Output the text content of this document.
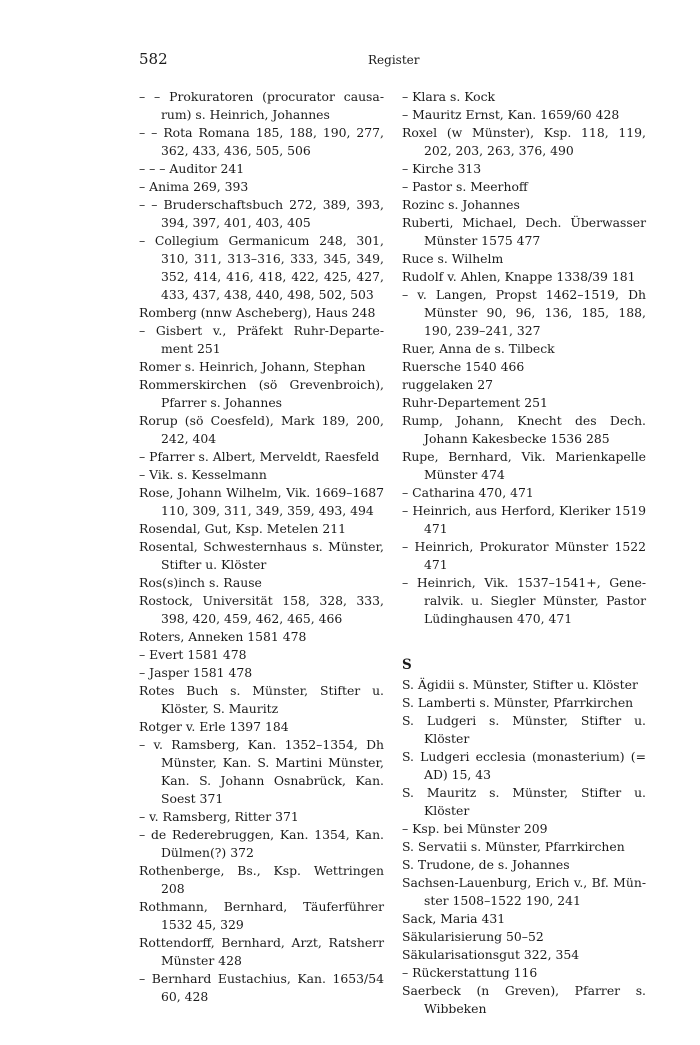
582	Register
– – Prokuratoren (procurator causarum) s. Heinrich, Johannes
– – Rota Romana 185, 188, 190, 277, 362, 433, 436, 505, 506
– – – Auditor 241
– Anima 269, 393
– – Bruderschaftsbuch 272, 389, 393, 394, 397, 401, 403, 405
– Collegium Germanicum 248, 301, 310, 311, 313–316, 333, 345, 349, 352, 414, 416, 418, 422, 425, 427, 433, 437, 438, 440, 498, 502, 503
Romberg (nnw Ascheberg), Haus 248
– Gisbert v., Präfekt Ruhr-Departement 251
Romer s. Heinrich, Johann, Stephan
Rommerskirchen (sö Grevenbroich), Pfarrer s. Johannes
Rorup (sö Coesfeld), Mark 189, 200, 242, 404
– Pfarrer s. Albert, Merveldt, Raesfeld
– Vik. s. Kesselmann
Rose, Johann Wilhelm, Vik. 1669–1687 110, 309, 311, 349, 359, 493, 494
Rosendal, Gut, Ksp. Metelen 211
Rosental, Schwesternhaus s. Münster, Stifter u. Klöster
Ros(s)inch s. Rause
Rostock, Universität 158, 328, 333, 398, 420, 459, 462, 465, 466
Roters, Anneken 1581 478
– Evert 1581 478
– Jasper 1581 478
Rotes Buch s. Münster, Stifter u. Klöster, S. Mauritz
Rotger v. Erle 1397 184
– v. Ramsberg, Kan. 1352–1354, Dh Münster, Kan. S. Martini Münster, Kan. S. Johann Osnabrück, Kan. Soest 371
– v. Ramsberg, Ritter 371
– de Rederebruggen, Kan. 1354, Kan. Dülmen(?) 372
Rothenberge, Bs., Ksp. Wettringen 208
Rothmann, Bernhard, Täuferführer 1532 45, 329
Rottendorff, Bernhard, Arzt, Ratsherr Münster 428
– Bernhard Eustachius, Kan. 1653/54 60, 428
– Klara s. Kock
– Mauritz Ernst, Kan. 1659/60 428
Roxel (w Münster), Ksp. 118, 119, 202, 203, 263, 376, 490
– Kirche 313
– Pastor s. Meerhoff
Rozinc s. Johannes
Ruberti, Michael, Dech. Überwasser Münster 1575 477
Ruce s. Wilhelm
Rudolf v. Ahlen, Knappe 1338/39 181
– v. Langen, Propst 1462–1519, Dh Münster 90, 96, 136, 185, 188, 190, 239–241, 327
Ruer, Anna de s. Tilbeck
Ruersche 1540 466
ruggelaken 27
Ruhr-Departement 251
Rump, Johann, Knecht des Dech. Johann Kakesbecke 1536 285
Rupe, Bernhard, Vik. Marienkapelle Münster 474
– Catharina 470, 471
– Heinrich, aus Herford, Kleriker 1519 471
– Heinrich, Prokurator Münster 1522 471
– Heinrich, Vik. 1537–1541+, Generalvik. u. Siegler Münster, Pastor Lüdinghausen 470, 471
S
S. Ägidii s. Münster, Stifter u. Klöster
S. Lamberti s. Münster, Pfarrkirchen
S. Ludgeri s. Münster, Stifter u. Klöster
S. Ludgeri ecclesia (monasterium) (= AD) 15, 43
S. Mauritz s. Münster, Stifter u. Klöster
– Ksp. bei Münster 209
S. Servatii s. Münster, Pfarrkirchen
S. Trudone, de s. Johannes
Sachsen-Lauenburg, Erich v., Bf. Münster 1508–1522 190, 241
Sack, Maria 431
Säkularisierung 50–52
Säkularisationsgut 322, 354
– Rückerstattung 116
Saerbeck (n Greven), Pfarrer s. Wibbeken
